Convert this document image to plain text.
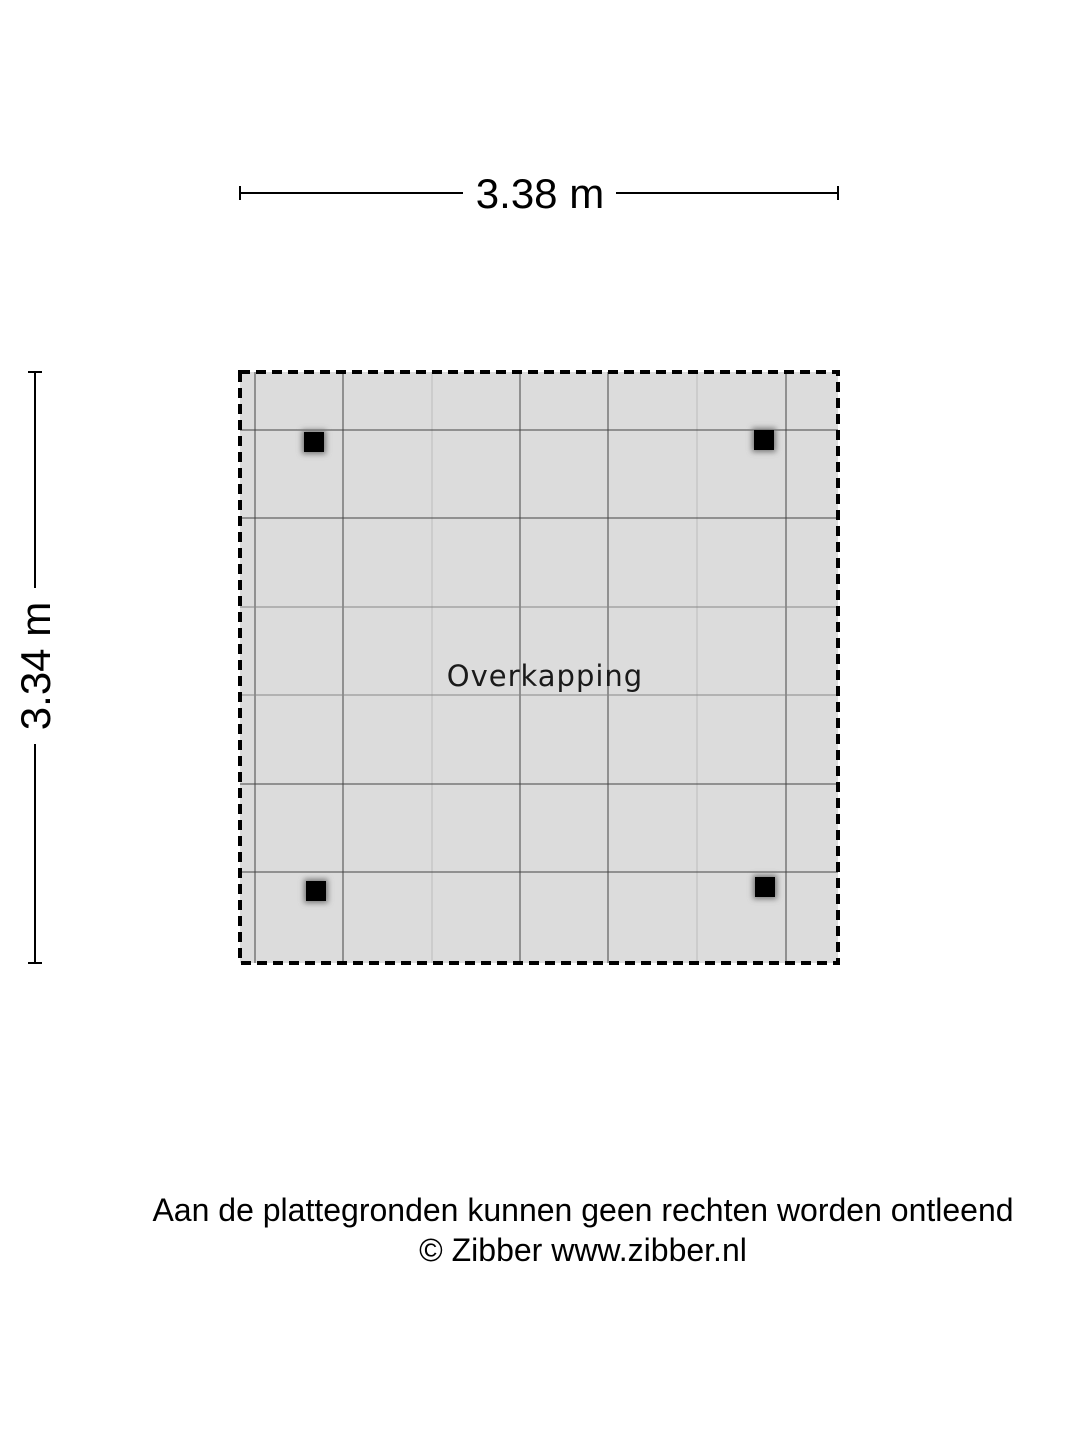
3.38 m
3.34 m	Overkapping
Aan de plattegronden kunnen geen rechten worden ontleend
© Zibber www.zibber.nl
